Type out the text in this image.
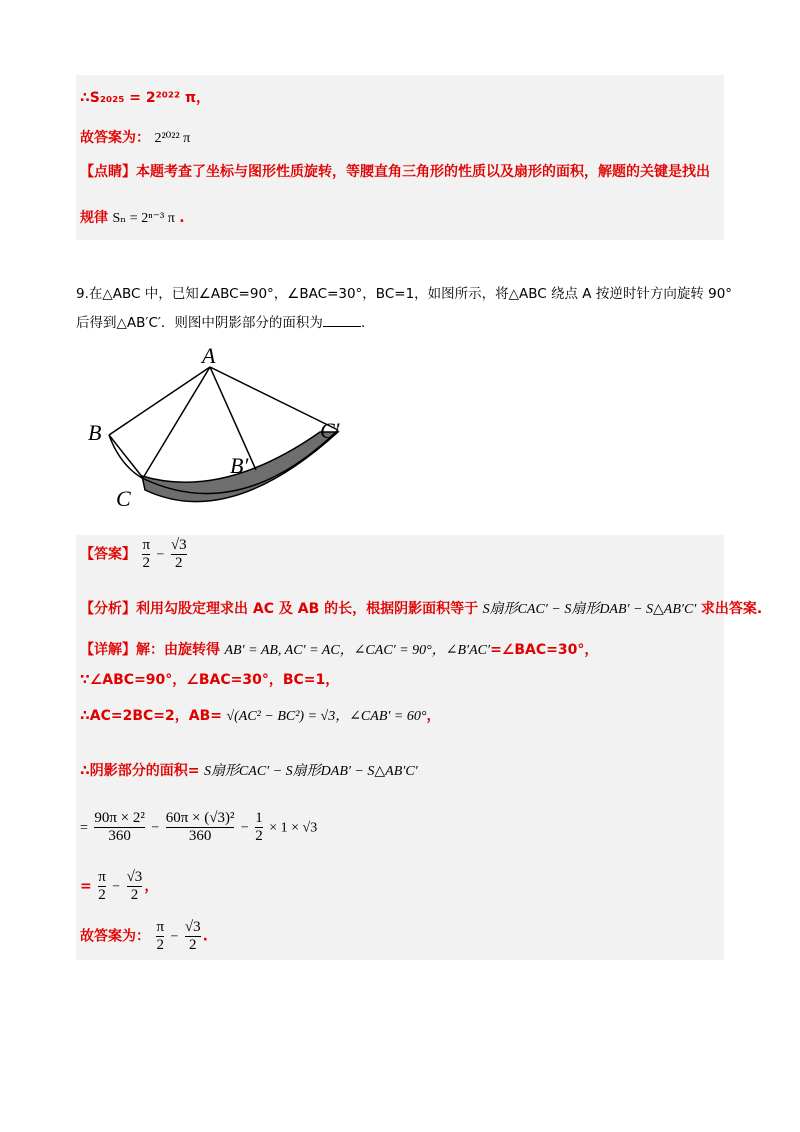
∴S₂₀₂₅ = 2²⁰²² π，
故答案为： 2²⁰²² π
【点睛】本题考查了坐标与图形性质旋转，等腰直角三角形的性质以及扇形的面积，解题的关键是找出
规律 Sₙ = 2ⁿ⁻³ π .
9.在△ABC 中，已知∠ABC=90°，∠BAC=30°，BC=1，如图所示，将△ABC 绕点 A 按逆时针方向旋转 90°
后得到△AB′C′．则图中阴影部分的面积为	.
A
B
C
B′
C′
【答案】 $\frac{\pi}{2} - \frac{√3}{2}$
【分析】利用勾股定理求出 AC 及 AB 的长，根据阴影面积等于 S扇形CAC′ − S扇形DAB′ − S△AB′C′ 求出答案.
【详解】解：由旋转得 AB′ = AB, AC′ = AC，∠CAC′ = 90°，∠B′AC′=∠BAC=30°，
∵∠ABC=90°，∠BAC=30°，BC=1，
∴AC=2BC=2，AB= √(AC² − BC²) = √3，∠CAB′ = 60°，
∴阴影部分的面积= S扇形CAC′ − S扇形DAB′ − S△AB′C′
= $\frac{\text{90π × 2²}}{360} - \frac{\text{60π × (√3)²}}{360} - \frac{1}{2} \times 1 \times √3$
= $\frac{\pi}{2} - \frac{√3}{2}$ ，
故答案为： $\frac{\pi}{2} - \frac{√3}{2}$ .
